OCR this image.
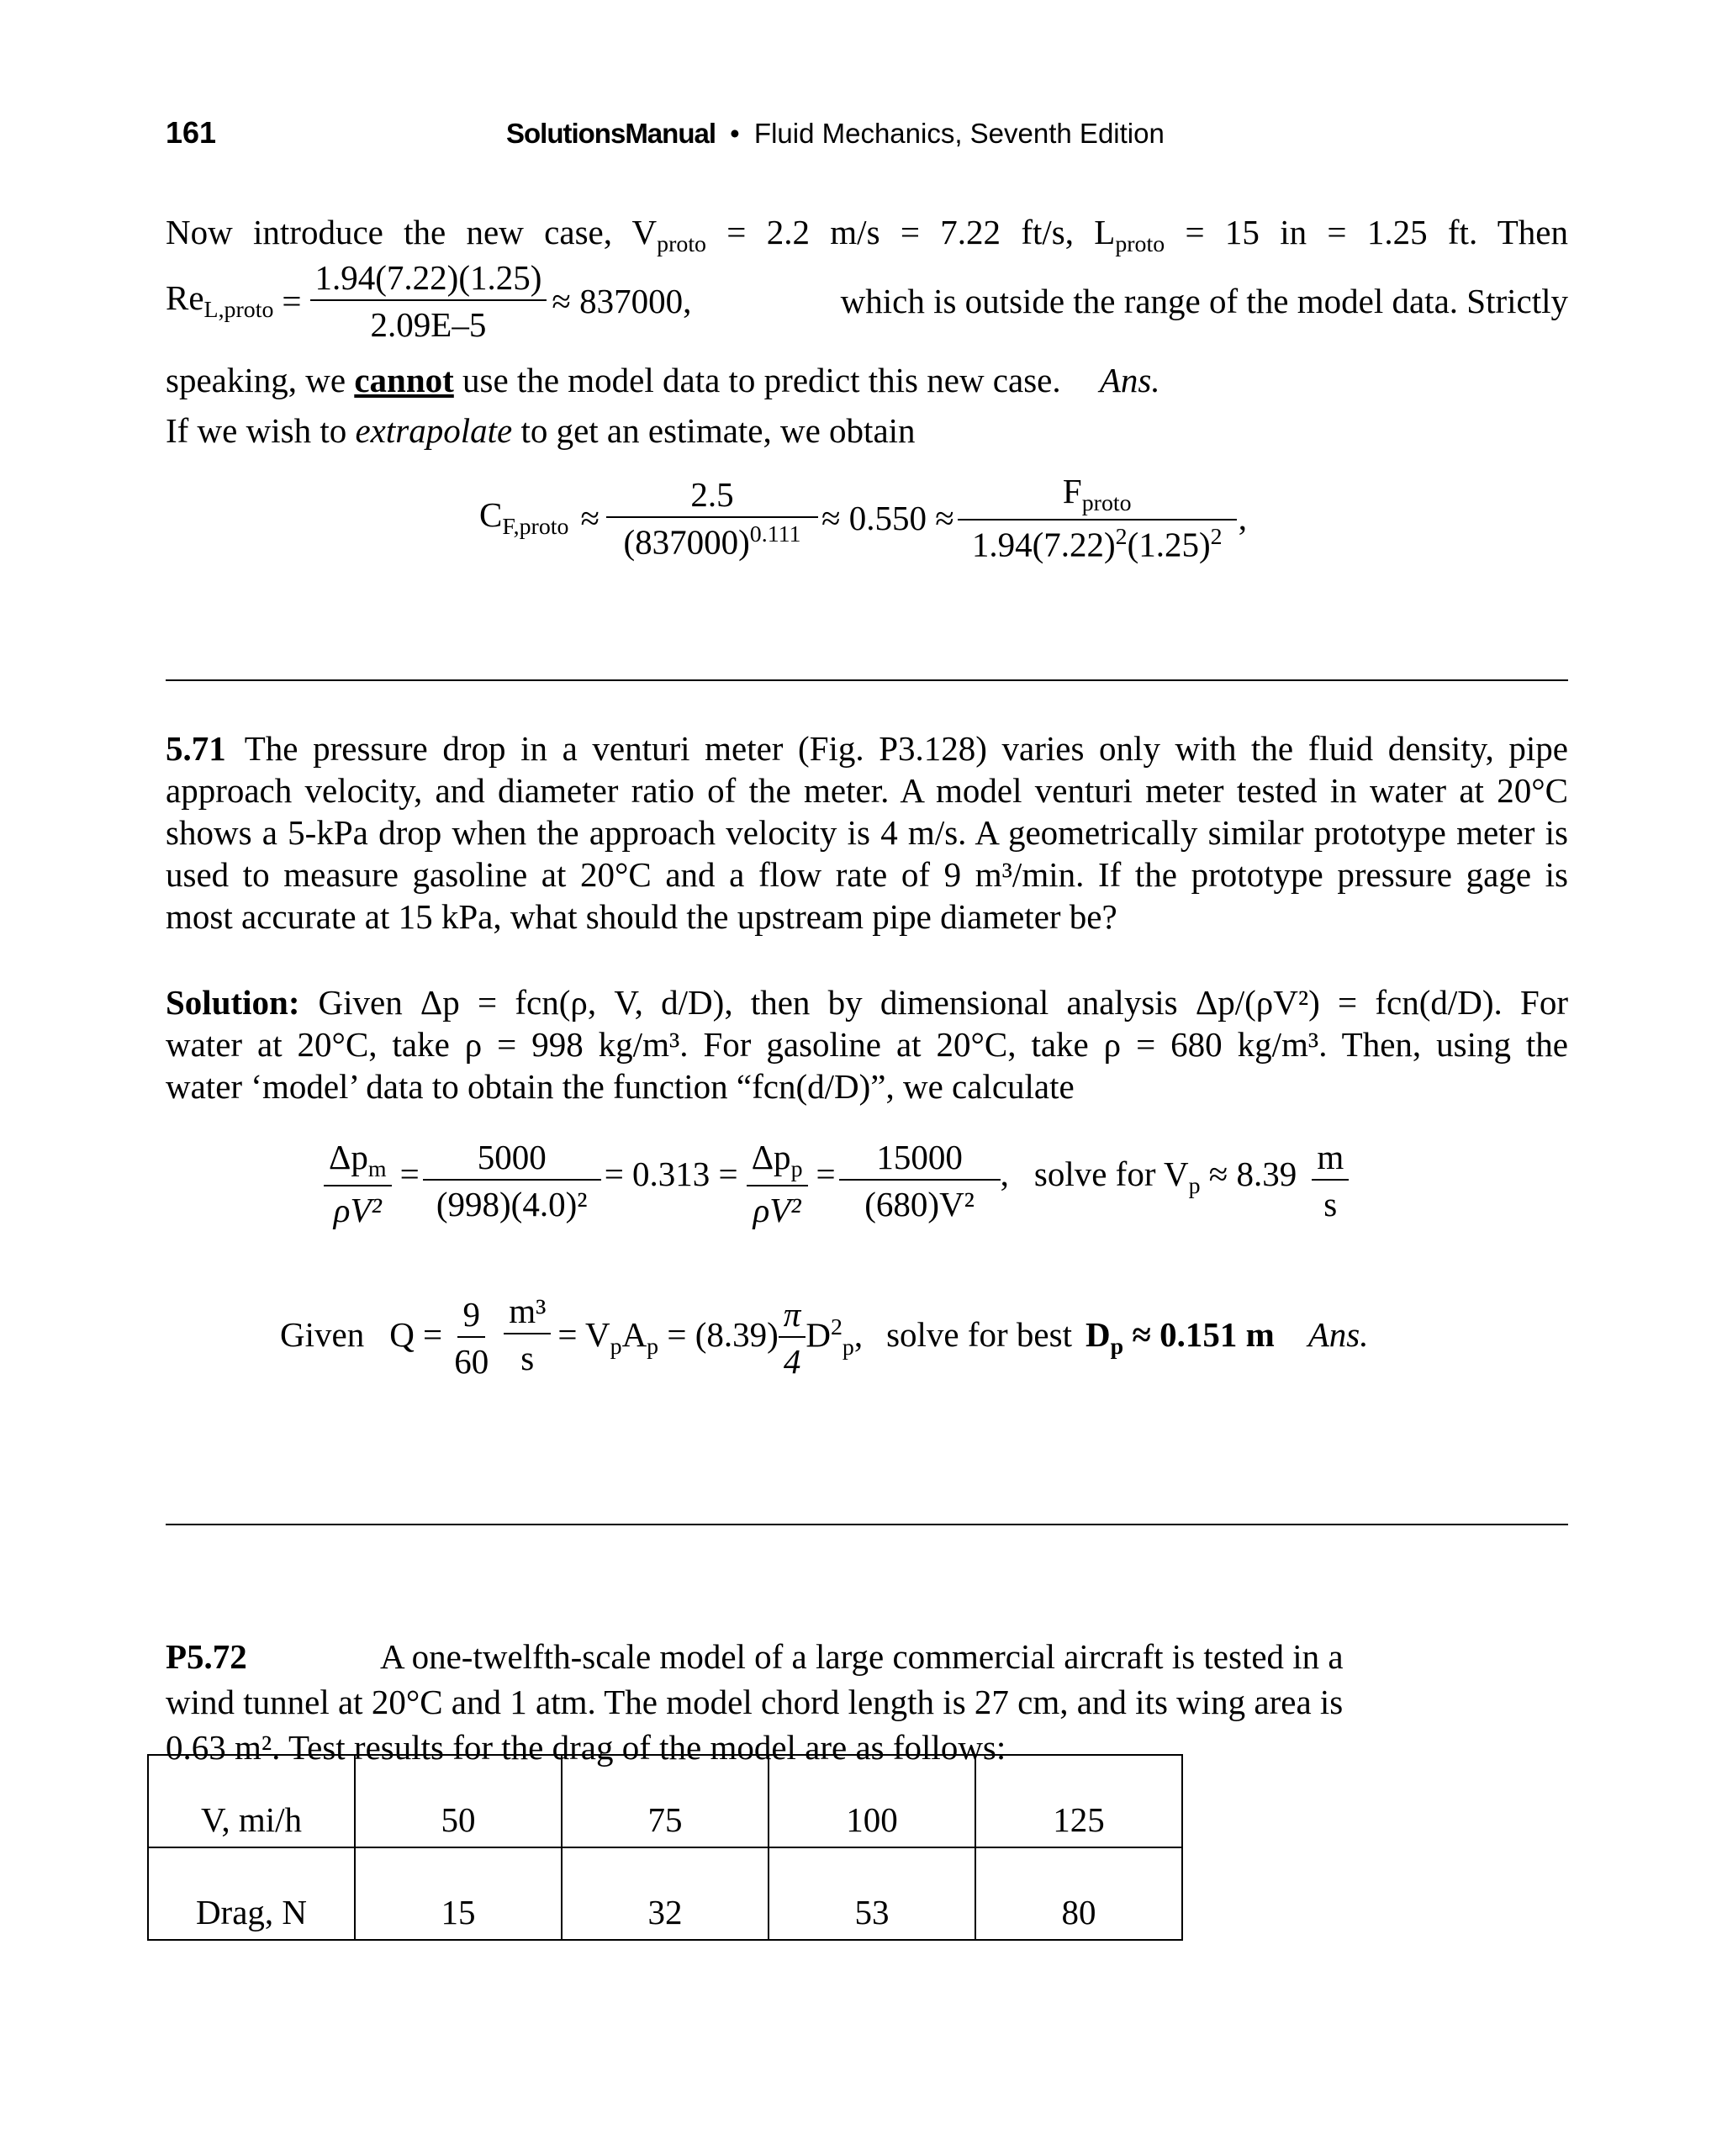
161	SolutionsManual • Fluid Mechanics, Seventh Edition
Now introduce the new case, $V_{proto} = 2.2$ m/s = 7.22 ft/s, $L_{proto} = 15$ in = 1.25 ft. Then
$Re_{L,proto} = \frac{1.94(7.22)(1.25)}{2.09E-5} \approx 837000$,	which is outside the range of the model data. Strictly
speaking, we cannot use the model data to predict this new case. Ans.
If we wish to extrapolate to get an estimate, we obtain
$C_{F,proto} \approx \frac{2.5}{(837000)^{0.111}} \approx 0.550 \approx \frac{F_{proto}}{1.94(7.22)^2(1.25)^2}$ ,
5.71 The pressure drop in a venturi meter (Fig. P3.128) varies only with the fluid density, pipe
approach velocity, and diameter ratio of the meter. A model venturi meter tested in water at 20°C
shows a 5-kPa drop when the approach velocity is 4 m/s. A geometrically similar prototype meter is
used to measure gasoline at 20°C and a flow rate of 9 m³/min. If the prototype pressure gage is
most accurate at 15 kPa, what should the upstream pipe diameter be?
Solution: Given Δp = fcn(ρ, V, d/D), then by dimensional analysis Δp/(ρV²) = fcn(d/D). For
water at 20°C, take ρ = 998 kg/m³. For gasoline at 20°C, take ρ = 680 kg/m³. Then, using the
water ‘model’ data to obtain the function “fcn(d/D)”, we calculate
$\frac{\Delta p_m}{\text{ρV²}} = \frac{5000}{\text{(998)(4.0)²}} = 0.313 = \frac{\Delta p_p}{\text{ρV²}} = \frac{15000}{\text{(680)V²}}$ , solve for $V_p \approx 8.39 \frac{m}{s}$
Given $Q = \frac{9}{60} \frac{\text{m³}}{s} = V_pA_p = (8.39) \frac{\pi}{4} D^2_p$, solve for best $D_p \approx 0.151$ m Ans.
P5.72	A one-twelfth-scale model of a large commercial aircraft is tested in a
wind tunnel at 20°C and 1 atm. The model chord length is 27 cm, and its wing area is
0.63 m². Test results for the drag of the model are as follows:
V, mi/h	50	75	100	125
Drag, N	15	32	53	80
